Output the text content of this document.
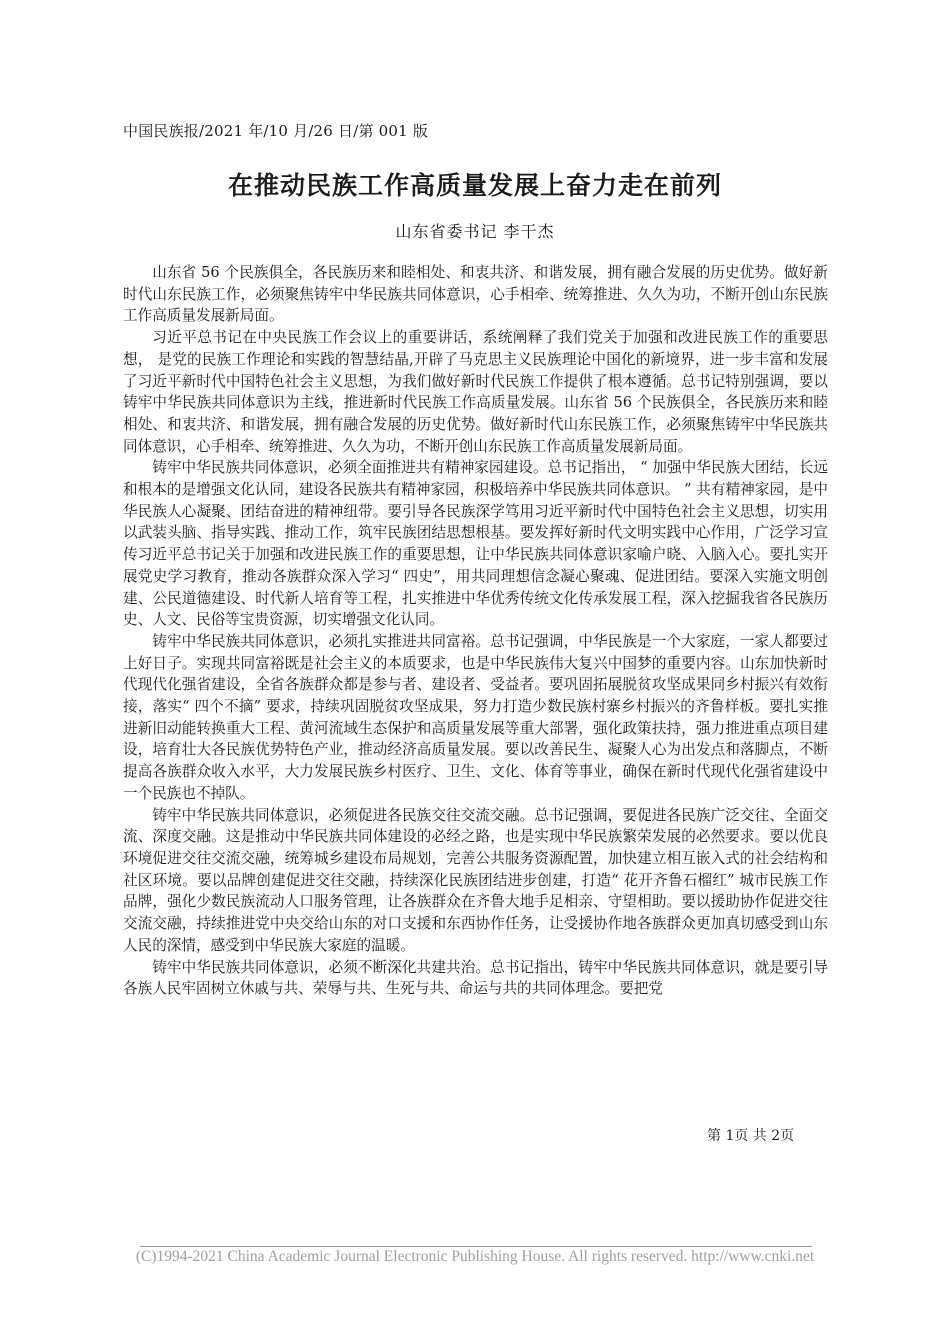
中国民族报/2021 年/10 月/26 日/第 001 版
在推动民族工作高质量发展上奋力走在前列
山东省委书记 李干杰

山东省 56 个民族俱全，各民族历来和睦相处、和衷共济、和谐发展，拥有融合发展的历史优势。做好新时代山东民族工作，必须聚焦铸牢中华民族共同体意识，心手相牵、统筹推进、久久为功，不断开创山东民族工作高质量发展新局面。

习近平总书记在中央民族工作会议上的重要讲话，系统阐释了我们党关于加强和改进民族工作的重要思想， 是党的民族工作理论和实践的智慧结晶,开辟了马克思主义民族理论中国化的新境界，进一步丰富和发展了习近平新时代中国特色社会主义思想，为我们做好新时代民族工作提供了根本遵循。总书记特别强调，要以铸牢中华民族共同体意识为主线，推进新时代民族工作高质量发展。山东省 56 个民族俱全，各民族历来和睦相处、和衷共济、和谐发展，拥有融合发展的历史优势。做好新时代山东民族工作，必须聚焦铸牢中华民族共同体意识，心手相牵、统筹推进、久久为功，不断开创山东民族工作高质量发展新局面。

铸牢中华民族共同体意识，必须全面推进共有精神家园建设。总书记指出， “ 加强中华民族大团结，长远和根本的是增强文化认同，建设各民族共有精神家园，积极培养中华民族共同体意识。 ” 共有精神家园，是中华民族人心凝聚、团结奋进的精神纽带。要引导各民族深学笃用习近平新时代中国特色社会主义思想，切实用以武装头脑、指导实践、推动工作，筑牢民族团结思想根基。要发挥好新时代文明实践中心作用，广泛学习宣传习近平总书记关于加强和改进民族工作的重要思想，让中华民族共同体意识家喻户晓、入脑入心。要扎实开展党史学习教育，推动各族群众深入学习“ 四史”，用共同理想信念凝心聚魂、促进团结。要深入实施文明创建、公民道德建设、时代新人培育等工程，扎实推进中华优秀传统文化传承发展工程，深入挖掘我省各民族历史、人文、民俗等宝贵资源，切实增强文化认同。

铸牢中华民族共同体意识，必须扎实推进共同富裕。总书记强调，中华民族是一个大家庭，一家人都要过上好日子。实现共同富裕既是社会主义的本质要求，也是中华民族伟大复兴中国梦的重要内容。山东加快新时代现代化强省建设，全省各族群众都是参与者、建设者、受益者。要巩固拓展脱贫攻坚成果同乡村振兴有效衔接，落实“ 四个不摘” 要求，持续巩固脱贫攻坚成果，努力打造少数民族村寨乡村振兴的齐鲁样板。要扎实推进新旧动能转换重大工程、黄河流域生态保护和高质量发展等重大部署，强化政策扶持，强力推进重点项目建设，培育壮大各民族优势特色产业，推动经济高质量发展。要以改善民生、凝聚人心为出发点和落脚点，不断提高各族群众收入水平，大力发展民族乡村医疗、卫生、文化、体育等事业，确保在新时代现代化强省建设中一个民族也不掉队。

铸牢中华民族共同体意识，必须促进各民族交往交流交融。总书记强调，要促进各民族广泛交往、全面交流、深度交融。这是推动中华民族共同体建设的必经之路，也是实现中华民族繁荣发展的必然要求。要以优良环境促进交往交流交融，统筹城乡建设布局规划，完善公共服务资源配置，加快建立相互嵌入式的社会结构和社区环境。要以品牌创建促进交往交融，持续深化民族团结进步创建，打造“ 花开齐鲁石榴红” 城市民族工作品牌，强化少数民族流动人口服务管理，让各族群众在齐鲁大地手足相亲、守望相助。要以援助协作促进交往交流交融，持续推进党中央交给山东的对口支援和东西协作任务，让受援协作地各族群众更加真切感受到山东人民的深情，感受到中华民族大家庭的温暖。

铸牢中华民族共同体意识，必须不断深化共建共治。总书记指出，铸牢中华民族共同体意识，就是要引导各族人民牢固树立休戚与共、荣辱与共、生死与共、命运与共的共同体理念。要把党

第 1页 共 2页
(C)1994-2021 China Academic Journal Electronic Publishing House. All rights reserved. http://www.cnki.net
